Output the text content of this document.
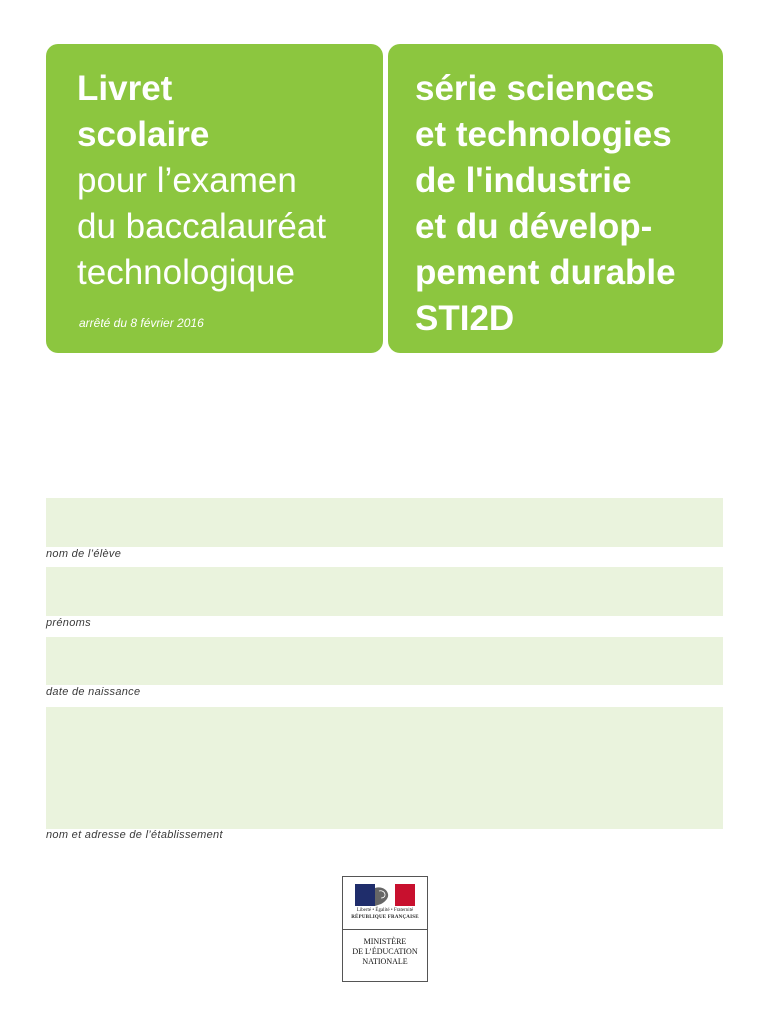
Livret
scolaire
pour l’examen
du baccalauréat
technologique
arrêté du 8 février 2016
série sciences
et technologies
de l'industrie
et du dévelop-
pement durable
STI2D
nom de l’élève
prénoms
date de naissance
nom et adresse de l’établissement
Liberté • Égalité • Fraternité
RÉPUBLIQUE FRANÇAISE
MINISTÈRE
DE L’ÉDUCATION
NATIONALE
